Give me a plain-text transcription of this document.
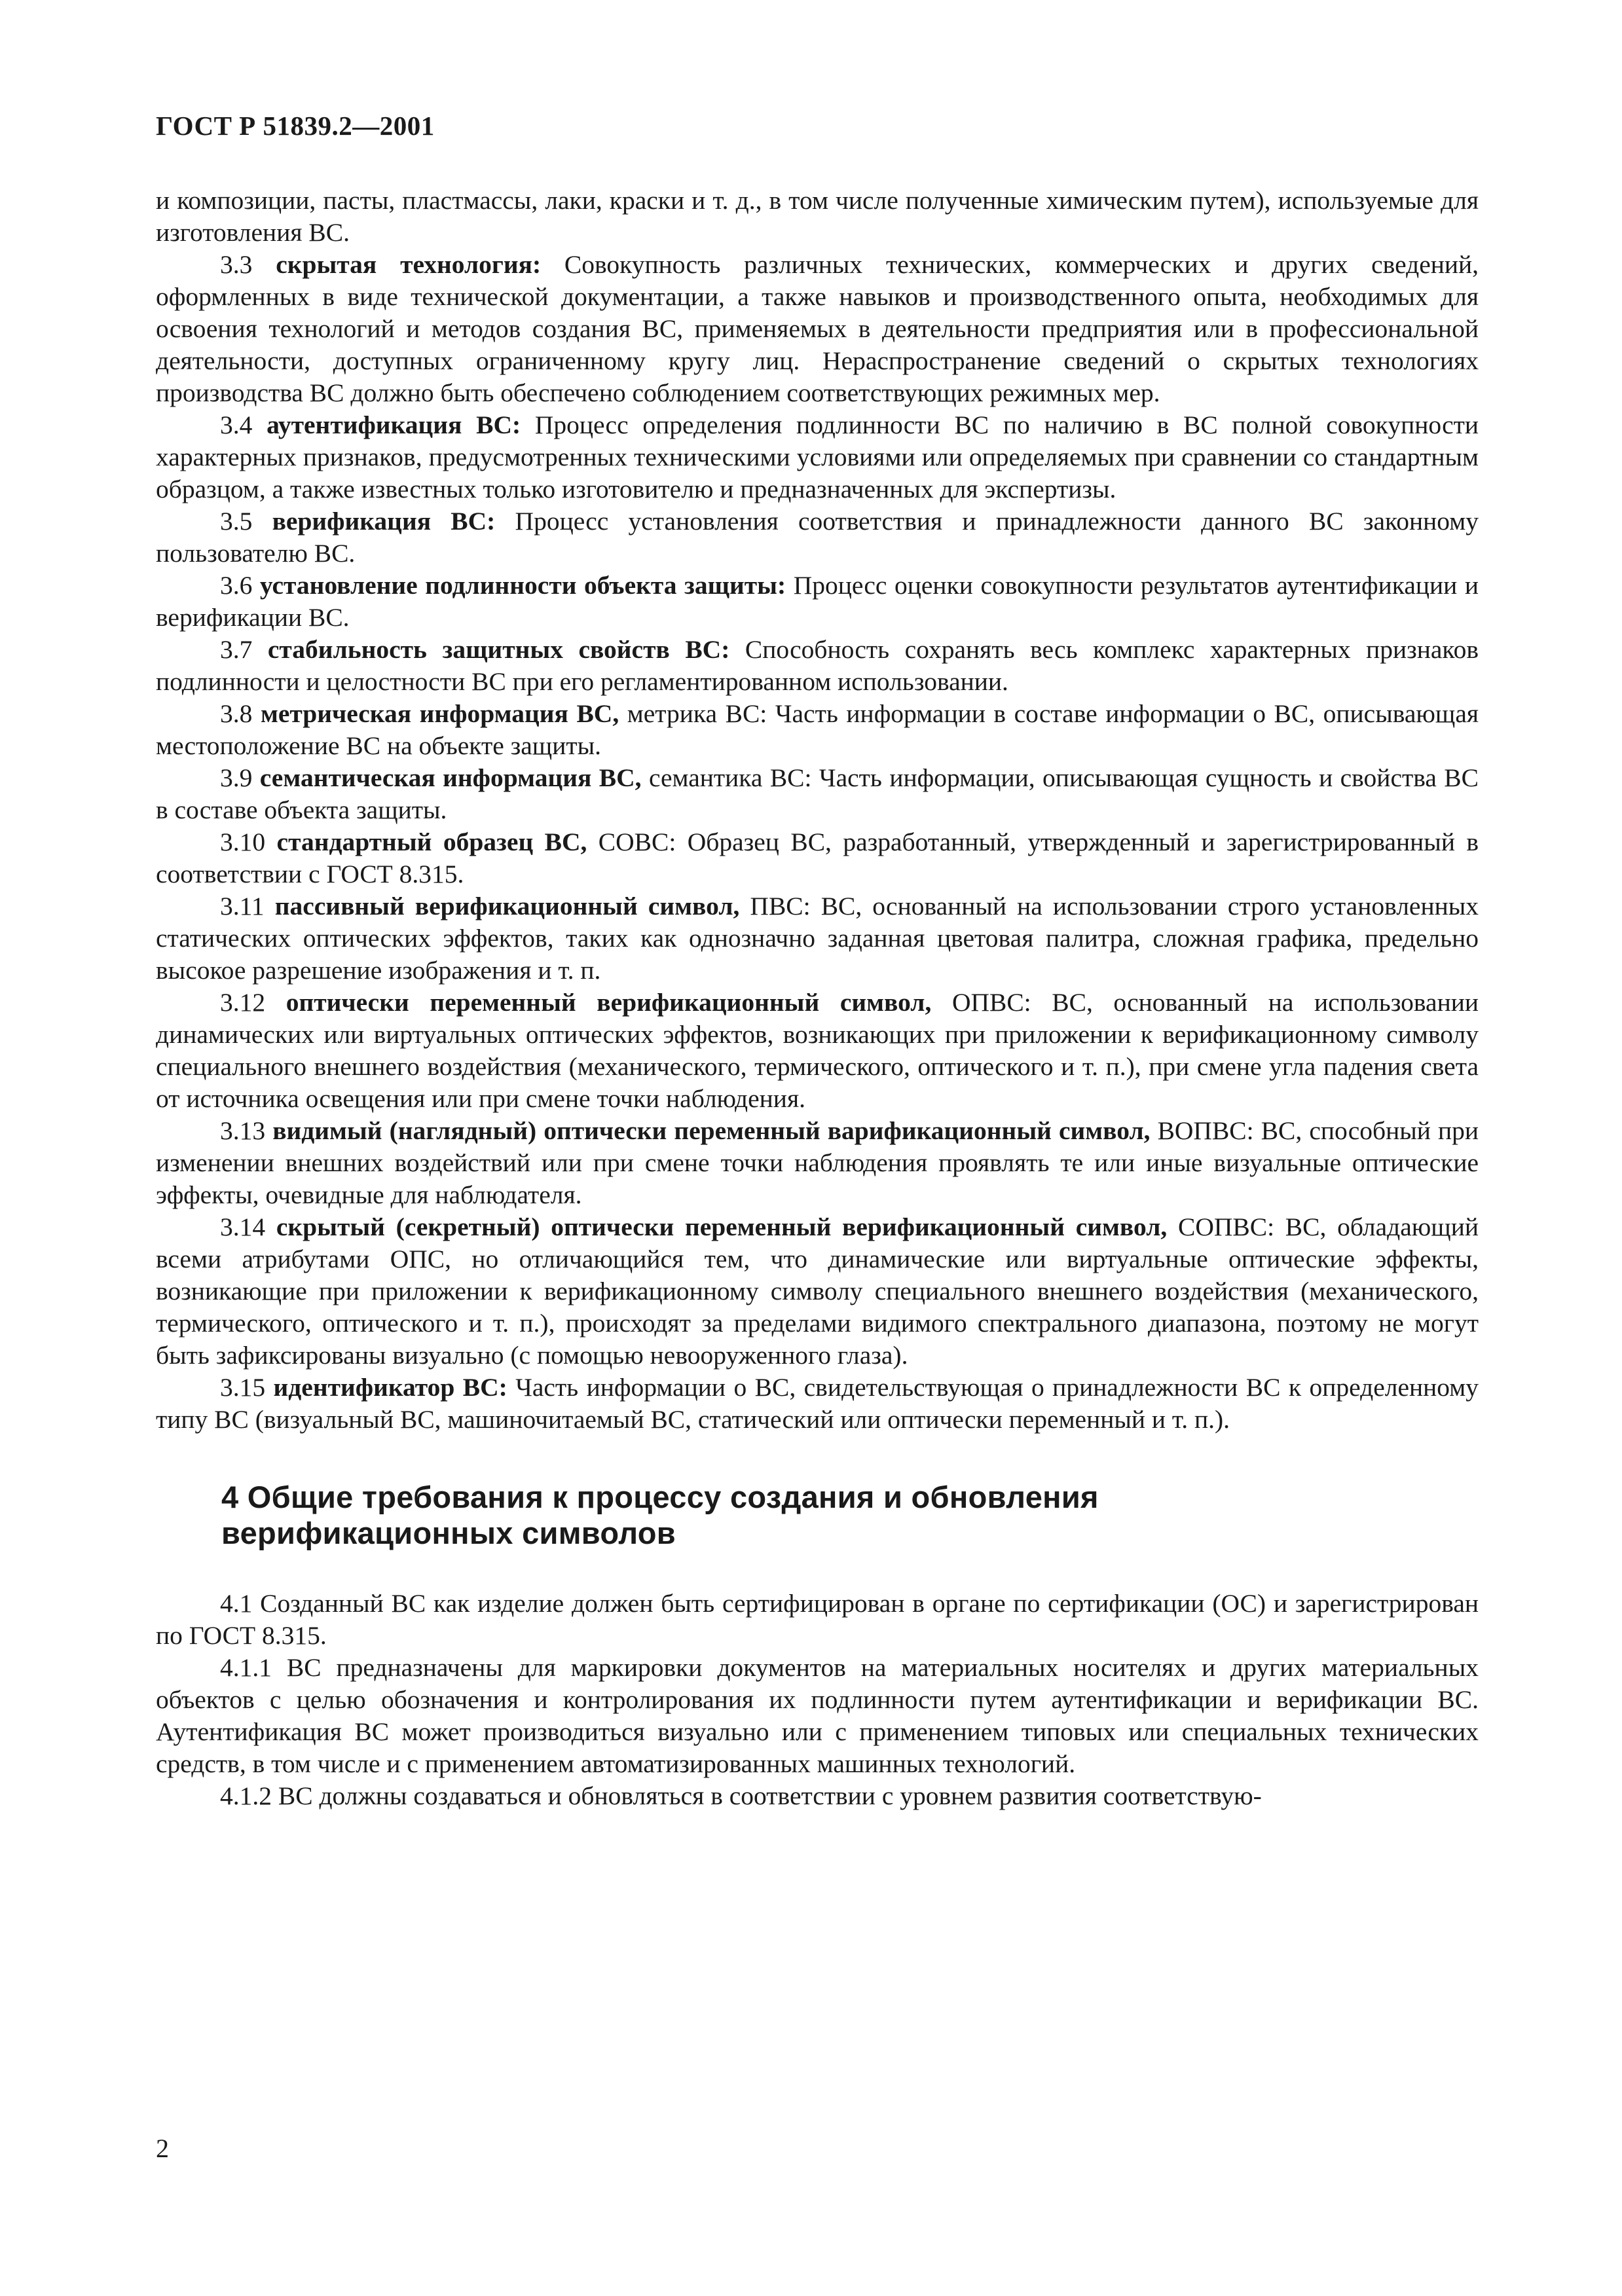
ГОСТ Р 51839.2—2001

и композиции, пасты, пластмассы, лаки, краски и т. д., в том числе полученные химическим путем), используемые для изготовления ВС.

3.3 скрытая технология: Совокупность различных технических, коммерческих и других сведений, оформленных в виде технической документации, а также навыков и производственного опыта, необходимых для освоения технологий и методов создания ВС, применяемых в деятельности предприятия или в профессиональной деятельности, доступных ограниченному кругу лиц. Нераспространение сведений о скрытых технологиях производства ВС должно быть обеспечено соблюдением соответствующих режимных мер.

3.4 аутентификация ВС: Процесс определения подлинности ВС по наличию в ВС полной совокупности характерных признаков, предусмотренных техническими условиями или определяемых при сравнении со стандартным образцом, а также известных только изготовителю и предназначенных для экспертизы.

3.5 верификация ВС: Процесс установления соответствия и принадлежности данного ВС законному пользователю ВС.

3.6 установление подлинности объекта защиты: Процесс оценки совокупности результатов аутентификации и верификации ВС.

3.7 стабильность защитных свойств ВС: Способность сохранять весь комплекс характерных признаков подлинности и целостности ВС при его регламентированном использовании.

3.8 метрическая информация ВС, метрика ВС: Часть информации в составе информации о ВС, описывающая местоположение ВС на объекте защиты.

3.9 семантическая информация ВС, семантика ВС: Часть информации, описывающая сущность и свойства ВС в составе объекта защиты.

3.10 стандартный образец ВС, СОВС: Образец ВС, разработанный, утвержденный и зарегистрированный в соответствии с ГОСТ 8.315.

3.11 пассивный верификационный символ, ПВС: ВС, основанный на использовании строго установленных статических оптических эффектов, таких как однозначно заданная цветовая палитра, сложная графика, предельно высокое разрешение изображения и т. п.

3.12 оптически переменный верификационный символ, ОПВС: ВС, основанный на использовании динамических или виртуальных оптических эффектов, возникающих при приложении к верификационному символу специального внешнего воздействия (механического, термического, оптического и т. п.), при смене угла падения света от источника освещения или при смене точки наблюдения.

3.13 видимый (наглядный) оптически переменный варификационный символ, ВОПВС: ВС, способный при изменении внешних воздействий или при смене точки наблюдения проявлять те или иные визуальные оптические эффекты, очевидные для наблюдателя.

3.14 скрытый (секретный) оптически переменный верификационный символ, СОПВС: ВС, обладающий всеми атрибутами ОПС, но отличающийся тем, что динамические или виртуальные оптические эффекты, возникающие при приложении к верификационному символу специального внешнего воздействия (механического, термического, оптического и т. п.), происходят за пределами видимого спектрального диапазона, поэтому не могут быть зафиксированы визуально (с помощью невооруженного глаза).

3.15 идентификатор ВС: Часть информации о ВС, свидетельствующая о принадлежности ВС к определенному типу ВС (визуальный ВС, машиночитаемый ВС, статический или оптически переменный и т. п.).

4 Общие требования к процессу создания и обновления
верификационных символов

4.1 Созданный ВС как изделие должен быть сертифицирован в органе по сертификации (ОС) и зарегистрирован по ГОСТ 8.315.

4.1.1 ВС предназначены для маркировки документов на материальных носителях и других материальных объектов с целью обозначения и контролирования их подлинности путем аутентификации и верификации ВС. Аутентификация ВС может производиться визуально или с применением типовых или специальных технических средств, в том числе и с применением автоматизированных машинных технологий.

4.1.2 ВС должны создаваться и обновляться в соответствии с уровнем развития соответствую-

2
